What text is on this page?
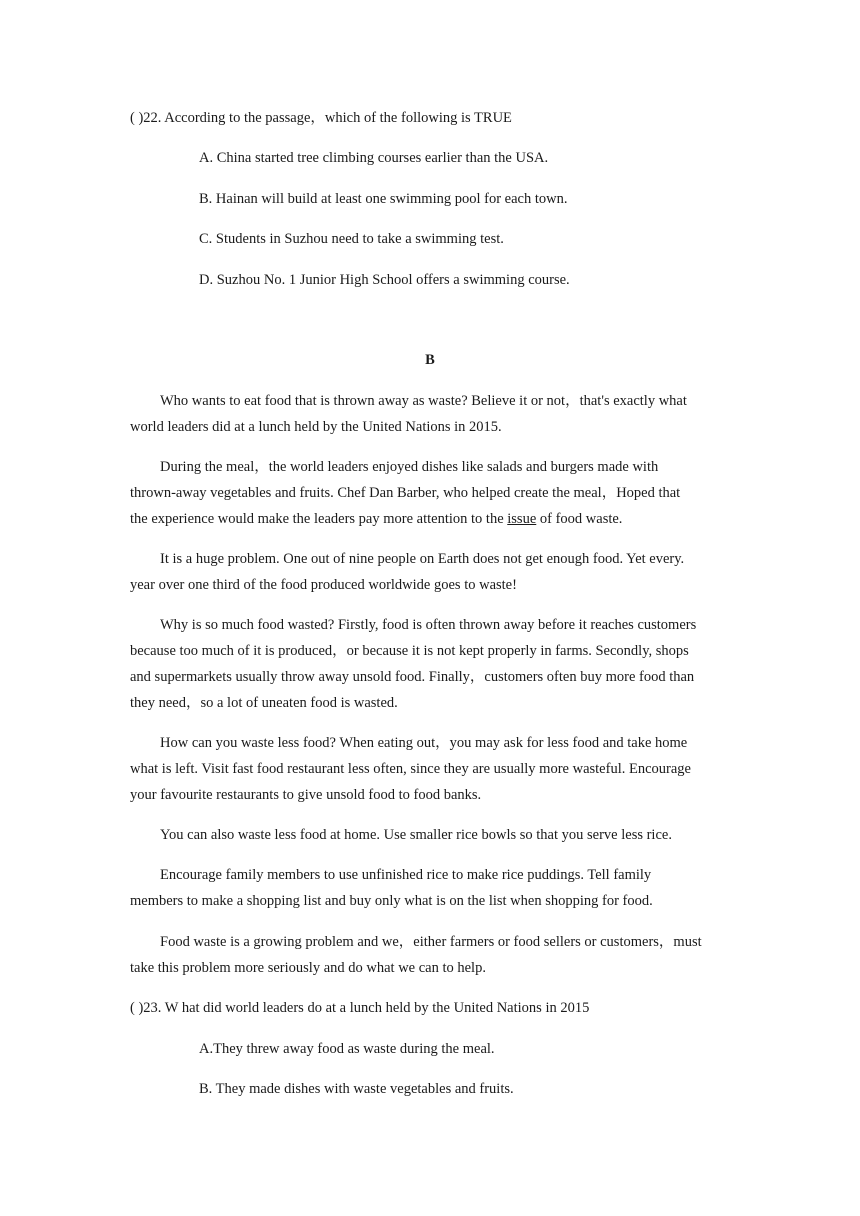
( )22. According to the passage，which of the following is TRUE
A. China started tree climbing courses earlier than the USA.
B. Hainan will build at least one swimming pool for each town.
C. Students in Suzhou need to take a swimming test.
D. Suzhou No. 1 Junior High School offers a swimming course.
B
Who wants to eat food that is thrown away as waste? Believe it or not，that's exactly what
world leaders did at a lunch held by the United Nations in 2015.
During the meal，the world leaders enjoyed dishes like salads and burgers made with
thrown-away vegetables and fruits. Chef Dan Barber, who helped create the meal，Hoped that
the experience would make the leaders pay more attention to the issue of food waste.
It is a huge problem. One out of nine people on Earth does not get enough food. Yet every.
year over one third of the food produced worldwide goes to waste!
Why is so much food wasted? Firstly, food is often thrown away before it reaches customers
because too much of it is produced，or because it is not kept properly in farms. Secondly, shops
and supermarkets usually throw away unsold food. Finally，customers often buy more food than
they need，so a lot of uneaten food is wasted.
How can you waste less food? When eating out，you may ask for less food and take home
what is left. Visit fast food restaurant less often, since they are usually more wasteful. Encourage
your favourite restaurants to give unsold food to food banks.
You can also waste less food at home. Use smaller rice bowls so that you serve less rice.
Encourage family members to use unfinished rice to make rice puddings. Tell family
members to make a shopping list and buy only what is on the list when shopping for food.
Food waste is a growing problem and we，either farmers or food sellers or customers，must
take this problem more seriously and do what we can to help.
( )23. W hat did world leaders do at a lunch held by the United Nations in 2015
A.They threw away food as waste during the meal.
B. They made dishes with waste vegetables and fruits.
